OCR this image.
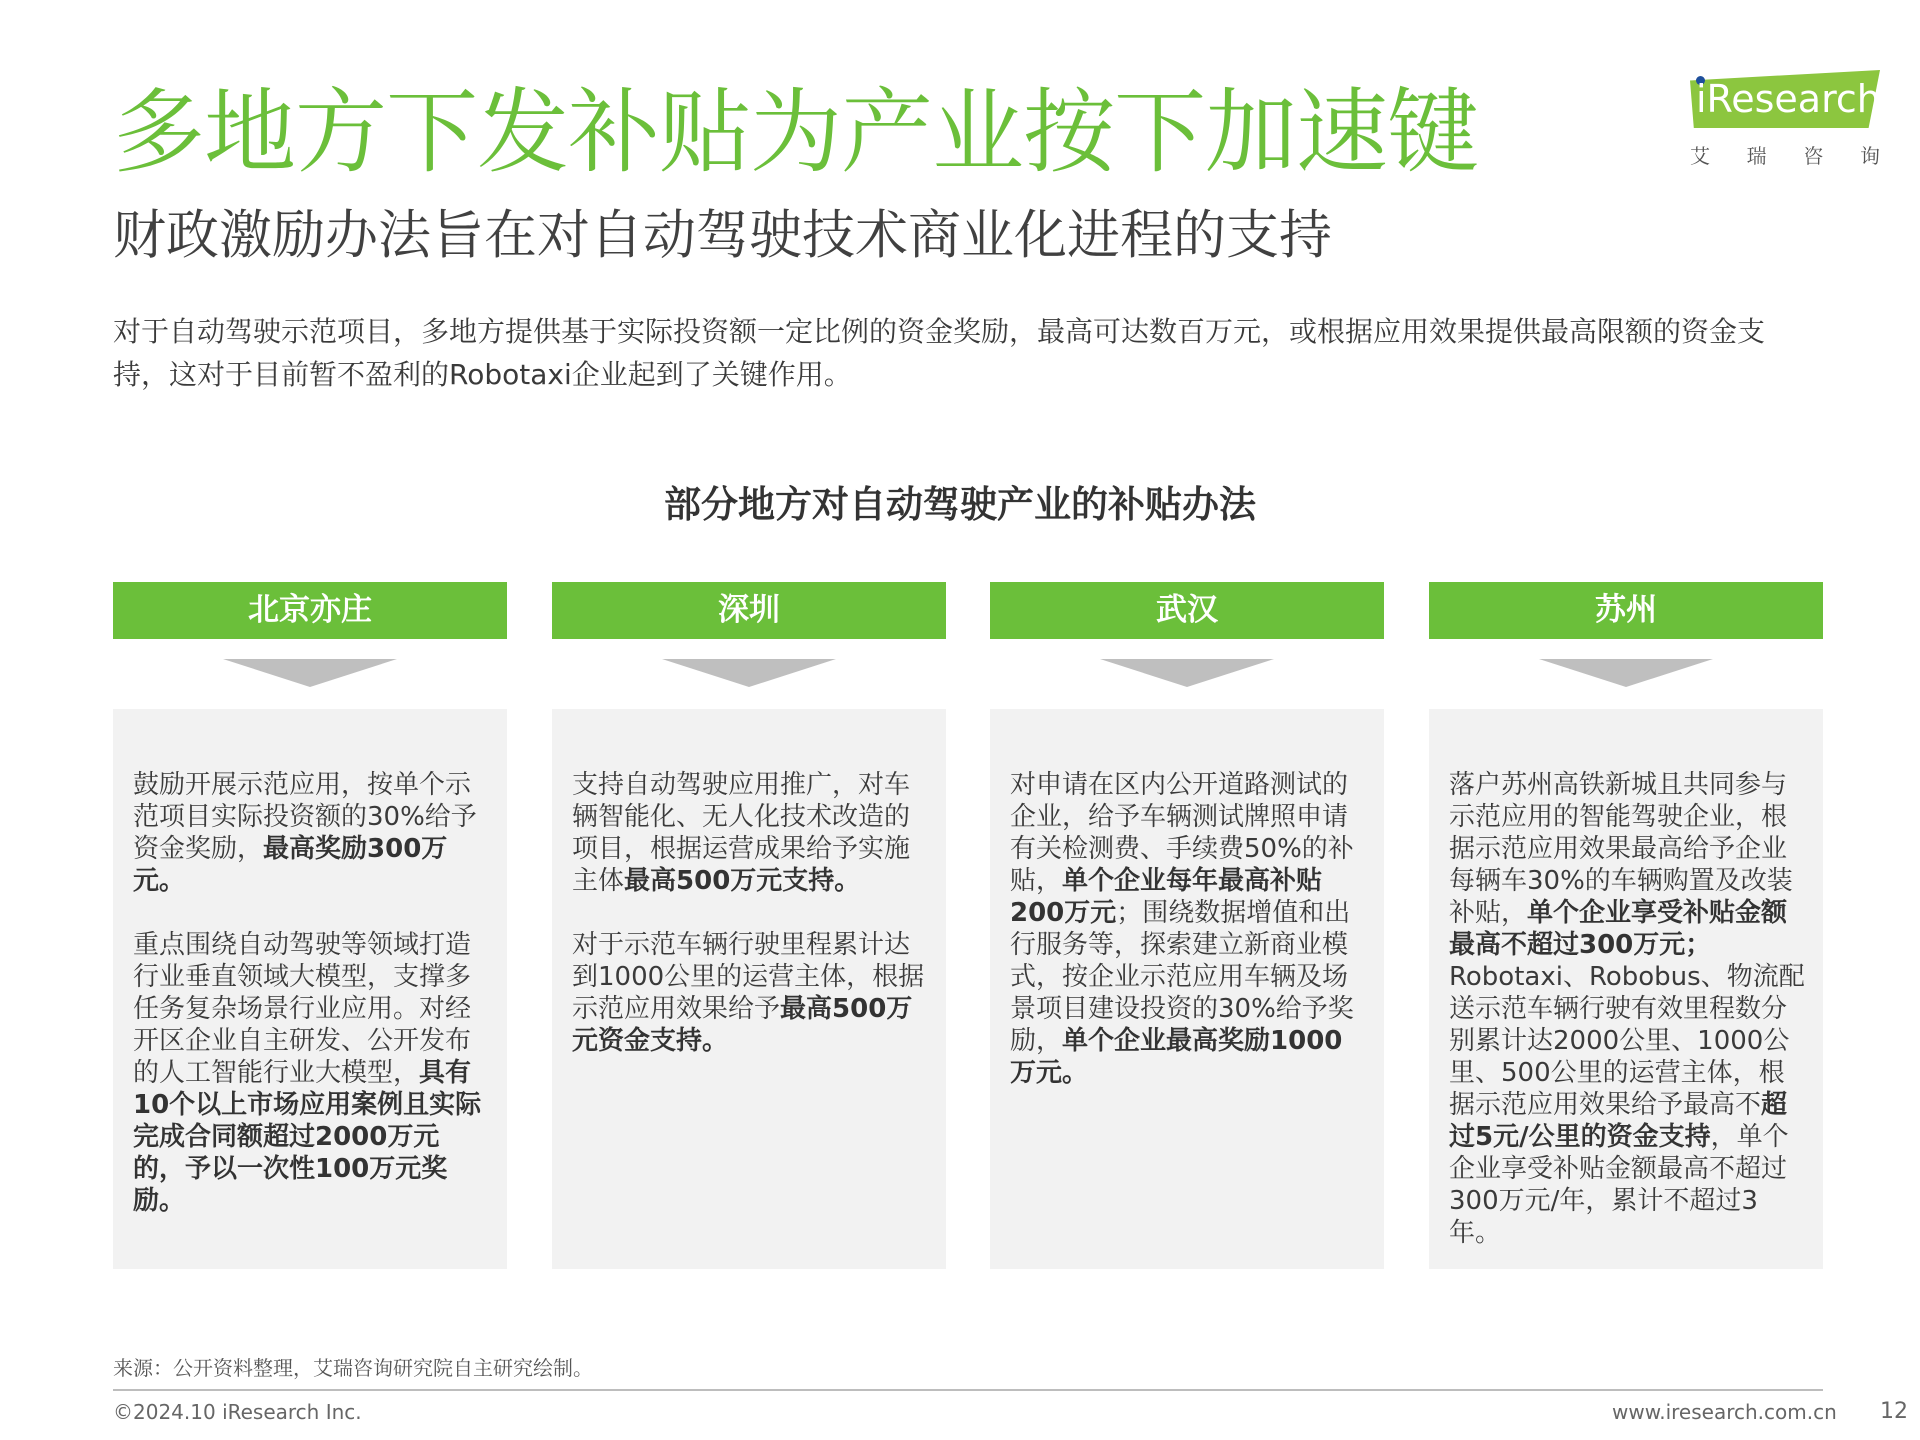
多地方下发补贴为产业按下加速键
财政激励办法旨在对自动驾驶技术商业化进程的支持
iResearch
艾 瑞 咨 询
对于自动驾驶示范项目，多地方提供基于实际投资额一定比例的资金奖励，最高可达数百万元，或根据应用效果提供最高限额的资金支持，这对于目前暂不盈利的Robotaxi企业起到了关键作用。
部分地方对自动驾驶产业的补贴办法
北京亦庄

鼓励开展示范应用，按单个示范项目实际投资额的30%给予资金奖励，最高奖励300万元。

重点围绕自动驾驶等领域打造行业垂直领域大模型，支撑多任务复杂场景行业应用。对经开区企业自主研发、公开发布的人工智能行业大模型，具有10个以上市场应用案例且实际完成合同额超过2000万元的，予以一次性100万元奖励。

深圳

支持自动驾驶应用推广，对车辆智能化、无人化技术改造的项目，根据运营成果给予实施主体最高500万元支持。

对于示范车辆行驶里程累计达到1000公里的运营主体，根据示范应用效果给予最高500万元资金支持。

武汉

对申请在区内公开道路测试的企业，给予车辆测试牌照申请有关检测费、手续费50%的补贴，单个企业每年最高补贴200万元；围绕数据增值和出行服务等，探索建立新商业模式，按企业示范应用车辆及场景项目建设投资的30%给予奖励，单个企业最高奖励1000万元。

苏州

落户苏州高铁新城且共同参与示范应用的智能驾驶企业，根据示范应用效果最高给予企业每辆车30%的车辆购置及改装补贴，单个企业享受补贴金额最高不超过300万元；Robotaxi、Robobus、物流配送示范车辆行驶有效里程数分别累计达2000公里、1000公里、500公里的运营主体，根据示范应用效果给予最高不超过5元/公里的资金支持，单个企业享受补贴金额最高不超过300万元/年，累计不超过3年。

来源：公开资料整理，艾瑞咨询研究院自主研究绘制。
©2024.10 iResearch Inc.	www.iresearch.com.cn 12
